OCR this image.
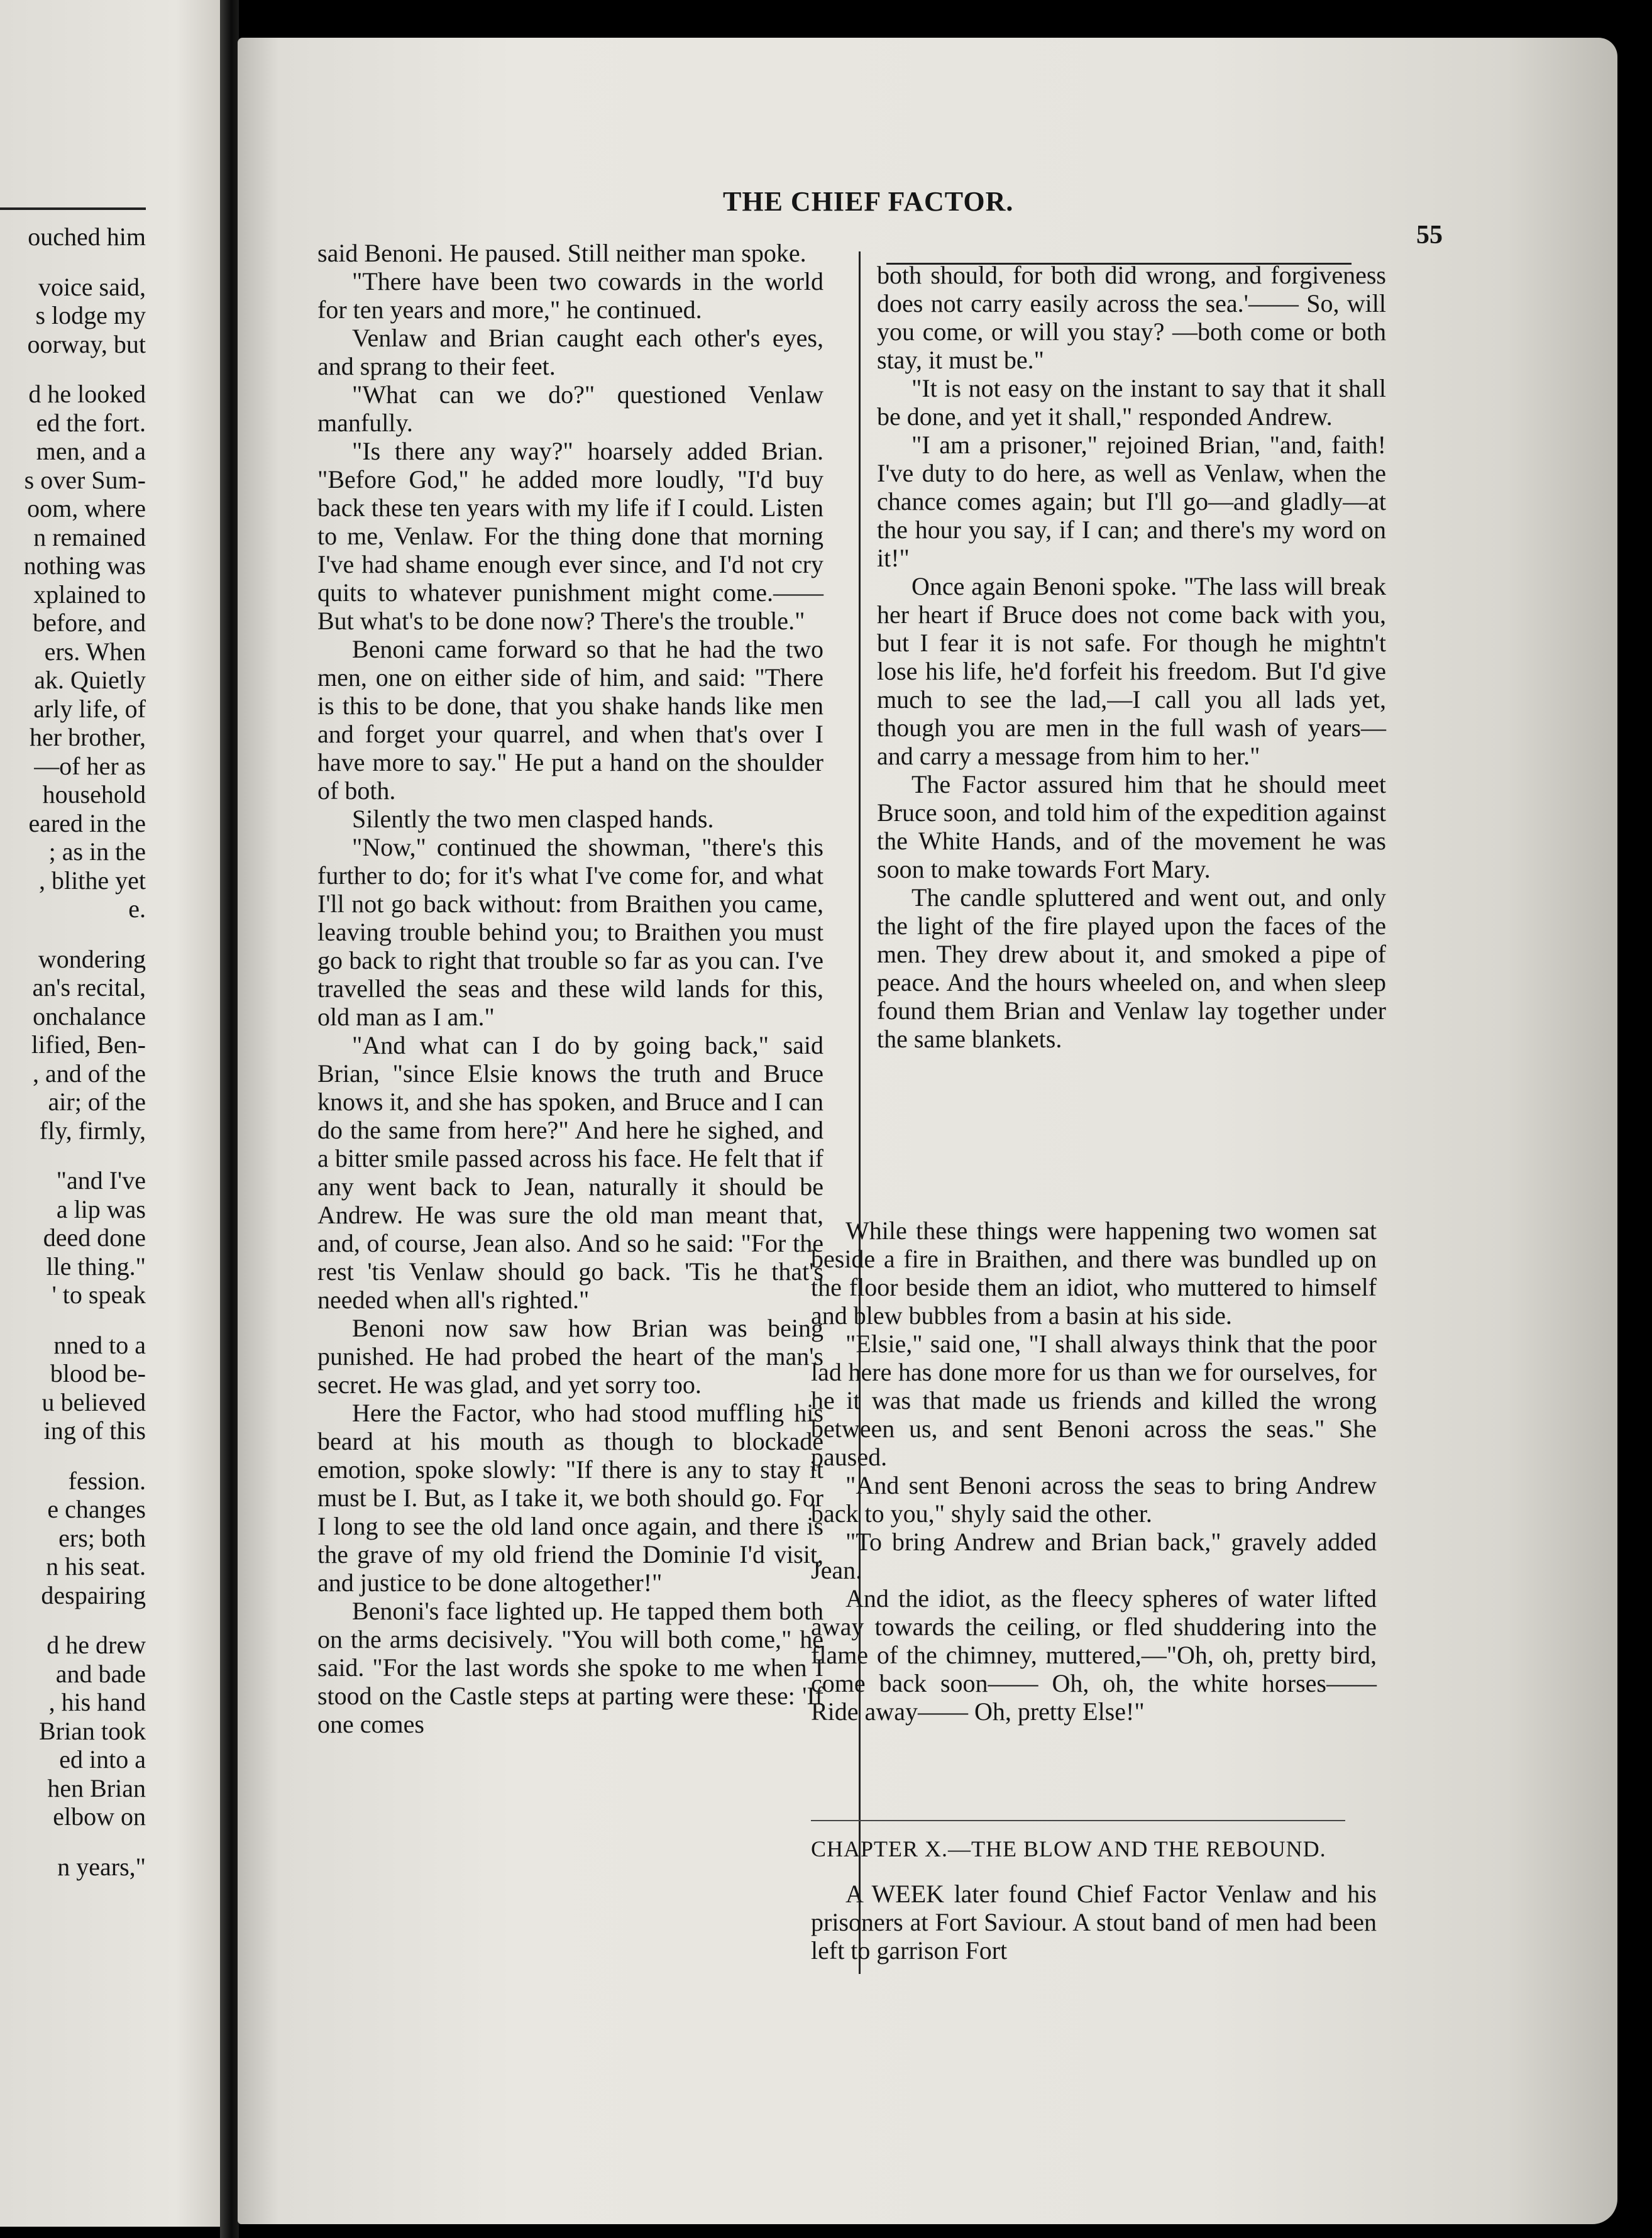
ouched him
voice said,
s lodge my
oorway, but
d he looked
ed the fort.
men, and a
s over Sum-
oom, where
n remained
nothing was
xplained to
before, and
ers. When
ak. Quietly
arly life, of
her brother,
—of her as
household
eared in the
; as in the
, blithe yet
e.
wondering
an's recital,
onchalance
lified, Ben-
, and of the
air; of the
fly, firmly,
"and I've
a lip was
deed done
lle thing."
' to speak
nned to a
blood be-
u believed
ing of this
fession.
e changes
ers; both
n his seat.
despairing
d he drew
and bade
, his hand
Brian took
ed into a
hen Brian
elbow on
n years,"
THE CHIEF FACTOR.
55

said Benoni. He paused. Still neither man spoke.

"There have been two cowards in the world for ten years and more," he continued.

Venlaw and Brian caught each other's eyes, and sprang to their feet.

"What can we do?" questioned Venlaw manfully.

"Is there any way?" hoarsely added Brian. "Before God," he added more loudly, "I'd buy back these ten years with my life if I could. Listen to me, Venlaw. For the thing done that morning I've had shame enough ever since, and I'd not cry quits to whatever punishment might come.—— But what's to be done now? There's the trouble."

Benoni came forward so that he had the two men, one on either side of him, and said: "There is this to be done, that you shake hands like men and forget your quarrel, and when that's over I have more to say." He put a hand on the shoulder of both.

Silently the two men clasped hands.

"Now," continued the showman, "there's this further to do; for it's what I've come for, and what I'll not go back without: from Braithen you came, leaving trouble behind you; to Braithen you must go back to right that trouble so far as you can. I've travelled the seas and these wild lands for this, old man as I am."

"And what can I do by going back," said Brian, "since Elsie knows the truth and Bruce knows it, and she has spoken, and Bruce and I can do the same from here?" And here he sighed, and a bitter smile passed across his face. He felt that if any went back to Jean, naturally it should be Andrew. He was sure the old man meant that, and, of course, Jean also. And so he said: "For the rest 'tis Venlaw should go back. 'Tis he that's needed when all's righted."

Benoni now saw how Brian was being punished. He had probed the heart of the man's secret. He was glad, and yet sorry too.

Here the Factor, who had stood muffling his beard at his mouth as though to blockade emotion, spoke slowly: "If there is any to stay it must be I. But, as I take it, we both should go. For I long to see the old land once again, and there is the grave of my old friend the Dominie I'd visit, and justice to be done altogether!"

Benoni's face lighted up. He tapped them both on the arms decisively. "You will both come," he said. "For the last words she spoke to me when I stood on the Castle steps at parting were these: 'If one comes

both should, for both did wrong, and forgiveness does not carry easily across the sea.'—— So, will you come, or will you stay? —both come or both stay, it must be."

"It is not easy on the instant to say that it shall be done, and yet it shall," responded Andrew.

"I am a prisoner," rejoined Brian, "and, faith! I've duty to do here, as well as Venlaw, when the chance comes again; but I'll go—and gladly—at the hour you say, if I can; and there's my word on it!"

Once again Benoni spoke. "The lass will break her heart if Bruce does not come back with you, but I fear it is not safe. For though he mightn't lose his life, he'd forfeit his freedom. But I'd give much to see the lad,—I call you all lads yet, though you are men in the full wash of years—and carry a message from him to her."

The Factor assured him that he should meet Bruce soon, and told him of the expedition against the White Hands, and of the movement he was soon to make towards Fort Mary.

The candle spluttered and went out, and only the light of the fire played upon the faces of the men. They drew about it, and smoked a pipe of peace. And the hours wheeled on, and when sleep found them Brian and Venlaw lay together under the same blankets.

While these things were happening two women sat beside a fire in Braithen, and there was bundled up on the floor beside them an idiot, who muttered to himself and blew bubbles from a basin at his side.

"Elsie," said one, "I shall always think that the poor lad here has done more for us than we for ourselves, for he it was that made us friends and killed the wrong between us, and sent Benoni across the seas." She paused.

"And sent Benoni across the seas to bring Andrew back to you," shyly said the other.

"To bring Andrew and Brian back," gravely added Jean.

And the idiot, as the fleecy spheres of water lifted away towards the ceiling, or fled shuddering into the flame of the chimney, muttered,—"Oh, oh, pretty bird, come back soon—— Oh, oh, the white horses—— Ride away—— Oh, pretty Else!"

CHAPTER X.—THE BLOW AND THE REBOUND.

A WEEK later found Chief Factor Venlaw and his prisoners at Fort Saviour. A stout band of men had been left to garrison Fort
